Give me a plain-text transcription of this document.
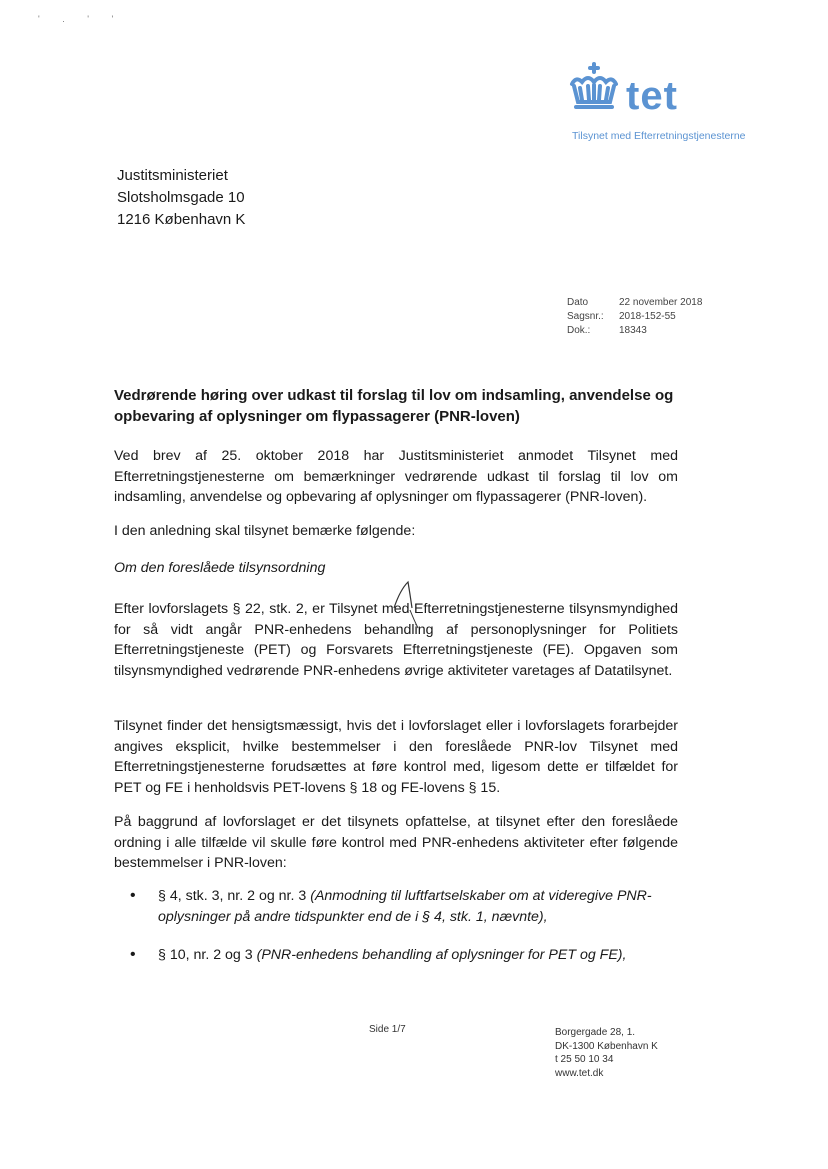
' . ' '
tet
Tilsynet med Efterretningstjenesterne
Justitsministeriet
Slotsholmsgade 10
1216 København K
Dato	22 november 2018
Sagsnr.:	2018-152-55
Dok.:	18343
Vedrørende høring over udkast til forslag til lov om indsamling, anvendelse og opbevaring af oplysninger om flypassagerer (PNR-loven)

Ved brev af 25. oktober 2018 har Justitsministeriet anmodet Tilsynet med Efterretningstjenesterne om bemærkninger vedrørende udkast til forslag til lov om indsamling, anvendelse og opbevaring af oplysninger om flypassagerer (PNR-loven).

I den anledning skal tilsynet bemærke følgende:

Om den foreslåede tilsynsordning

Efter lovforslagets § 22, stk. 2, er Tilsynet med Efterretningstjenesterne tilsynsmyndighed for så vidt angår PNR-enhedens behandling af personoplysninger for Politiets Efterretningstjeneste (PET) og Forsvarets Efterretningstjeneste (FE). Opgaven som tilsynsmyndighed vedrørende PNR-enhedens øvrige aktiviteter varetages af Datatilsynet.

Tilsynet finder det hensigtsmæssigt, hvis det i lovforslaget eller i lovforslagets forarbejder angives eksplicit, hvilke bestemmelser i den foreslåede PNR-lov Tilsynet med Efterretningstjenesterne forudsættes at føre kontrol med, ligesom dette er tilfældet for PET og FE i henholdsvis PET-lovens § 18 og FE-lovens § 15.

På baggrund af lovforslaget er det tilsynets opfattelse, at tilsynet efter den foreslåede ordning i alle tilfælde vil skulle føre kontrol med PNR-enhedens aktiviteter efter følgende bestemmelser i PNR-loven:

• § 4, stk. 3, nr. 2 og nr. 3 (Anmodning til luftfartselskaber om at videregive PNR-oplysninger på andre tidspunkter end de i § 4, stk. 1, nævnte),
• § 10, nr. 2 og 3 (PNR-enhedens behandling af oplysninger for PET og FE),
Side 1/7	Borgergade 28, 1.
DK-1300 København K
t 25 50 10 34
www.tet.dk
